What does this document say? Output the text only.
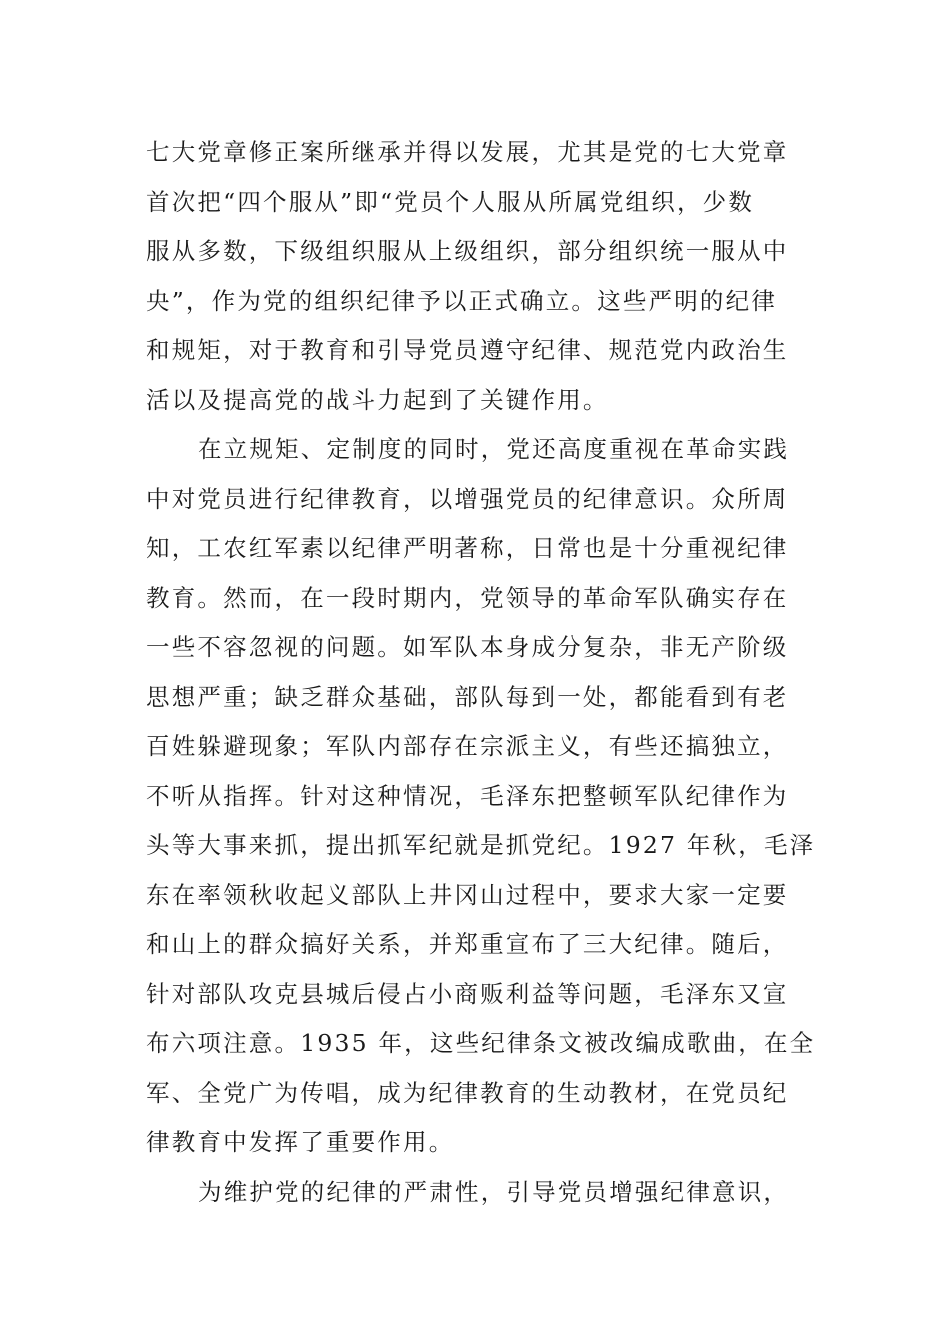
七大党章修正案所继承并得以发展，尤其是党的七大党章
首次把“四个服从”即“党员个人服从所属党组织，少数
服从多数，下级组织服从上级组织，部分组织统一服从中
央”，作为党的组织纪律予以正式确立。这些严明的纪律
和规矩，对于教育和引导党员遵守纪律、规范党内政治生
活以及提高党的战斗力起到了关键作用。
在立规矩、定制度的同时，党还高度重视在革命实践
中对党员进行纪律教育，以增强党员的纪律意识。众所周
知，工农红军素以纪律严明著称，日常也是十分重视纪律
教育。然而，在一段时期内，党领导的革命军队确实存在
一些不容忽视的问题。如军队本身成分复杂，非无产阶级
思想严重；缺乏群众基础，部队每到一处，都能看到有老
百姓躲避现象；军队内部存在宗派主义，有些还搞独立，
不听从指挥。针对这种情况，毛泽东把整顿军队纪律作为
头等大事来抓，提出抓军纪就是抓党纪。1927 年秋，毛泽
东在率领秋收起义部队上井冈山过程中，要求大家一定要
和山上的群众搞好关系，并郑重宣布了三大纪律。随后，
针对部队攻克县城后侵占小商贩利益等问题，毛泽东又宣
布六项注意。1935 年，这些纪律条文被改编成歌曲，在全
军、全党广为传唱，成为纪律教育的生动教材，在党员纪
律教育中发挥了重要作用。
为维护党的纪律的严肃性，引导党员增强纪律意识，
